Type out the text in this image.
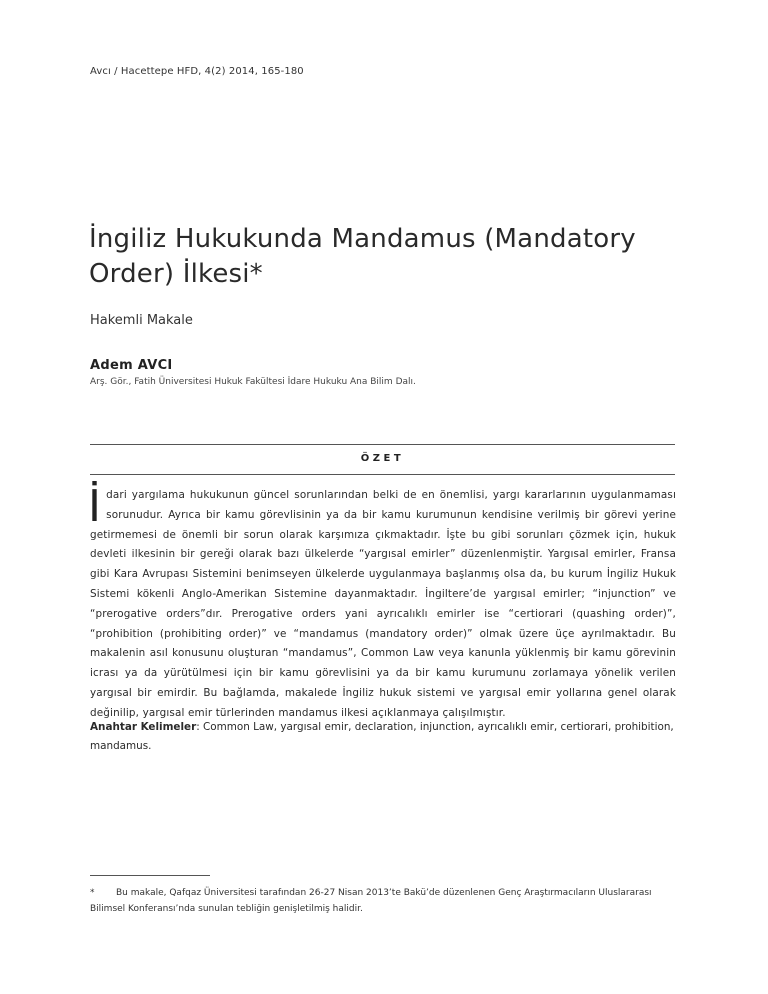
Avcı / Hacettepe HFD, 4(2) 2014, 165-180
İngiliz Hukukunda Mandamus (Mandatory Order) İlkesi*
Hakemli Makale
Adem AVCI
Arş. Gör., Fatih Üniversitesi Hukuk Fakültesi İdare Hukuku Ana Bilim Dalı.
ÖZET
İdari yargılama hukukunun güncel sorunlarından belki de en önemlisi, yargı kararlarının uygulanmaması sorunudur. Ayrıca bir kamu görevlisinin ya da bir kamu kurumunun kendisine verilmiş bir görevi yerine getirmemesi de önemli bir sorun olarak karşımıza çıkmaktadır. İşte bu gibi sorunları çözmek için, hukuk devleti ilkesinin bir gereği olarak bazı ülkelerde “yargısal emirler” düzenlenmiştir. Yargısal emirler, Fransa gibi Kara Avrupası Sistemini benimseyen ülkelerde uygulanmaya başlanmış olsa da, bu kurum İngiliz Hukuk Sistemi kökenli Anglo-Amerikan Sistemine dayanmaktadır. İngiltere’de yargısal emirler; “injunction” ve “prerogative orders”dır. Prerogative orders yani ayrıcalıklı emirler ise “certiorari (quashing order)”, “prohibition (prohibiting order)” ve “mandamus (mandatory order)” olmak üzere üçe ayrılmaktadır. Bu makalenin asıl konusunu oluşturan “mandamus”, Common Law veya kanunla yüklenmiş bir kamu görevinin icrası ya da yürütülmesi için bir kamu görevlisini ya da bir kamu kurumunu zorlamaya yönelik verilen yargısal bir emirdir. Bu bağlamda, makalede İngiliz hukuk sistemi ve yargısal emir yollarına genel olarak değinilip, yargısal emir türlerinden mandamus ilkesi açıklanmaya çalışılmıştır.
Anahtar Kelimeler: Common Law, yargısal emir, declaration, injunction, ayrıcalıklı emir, certiorari, prohibition, mandamus.
* Bu makale, Qafqaz Üniversitesi tarafından 26-27 Nisan 2013’te Bakü’de düzenlenen Genç Araştırmacıların Uluslararası Bilimsel Konferansı’nda sunulan tebliğin genişletilmiş halidir.
